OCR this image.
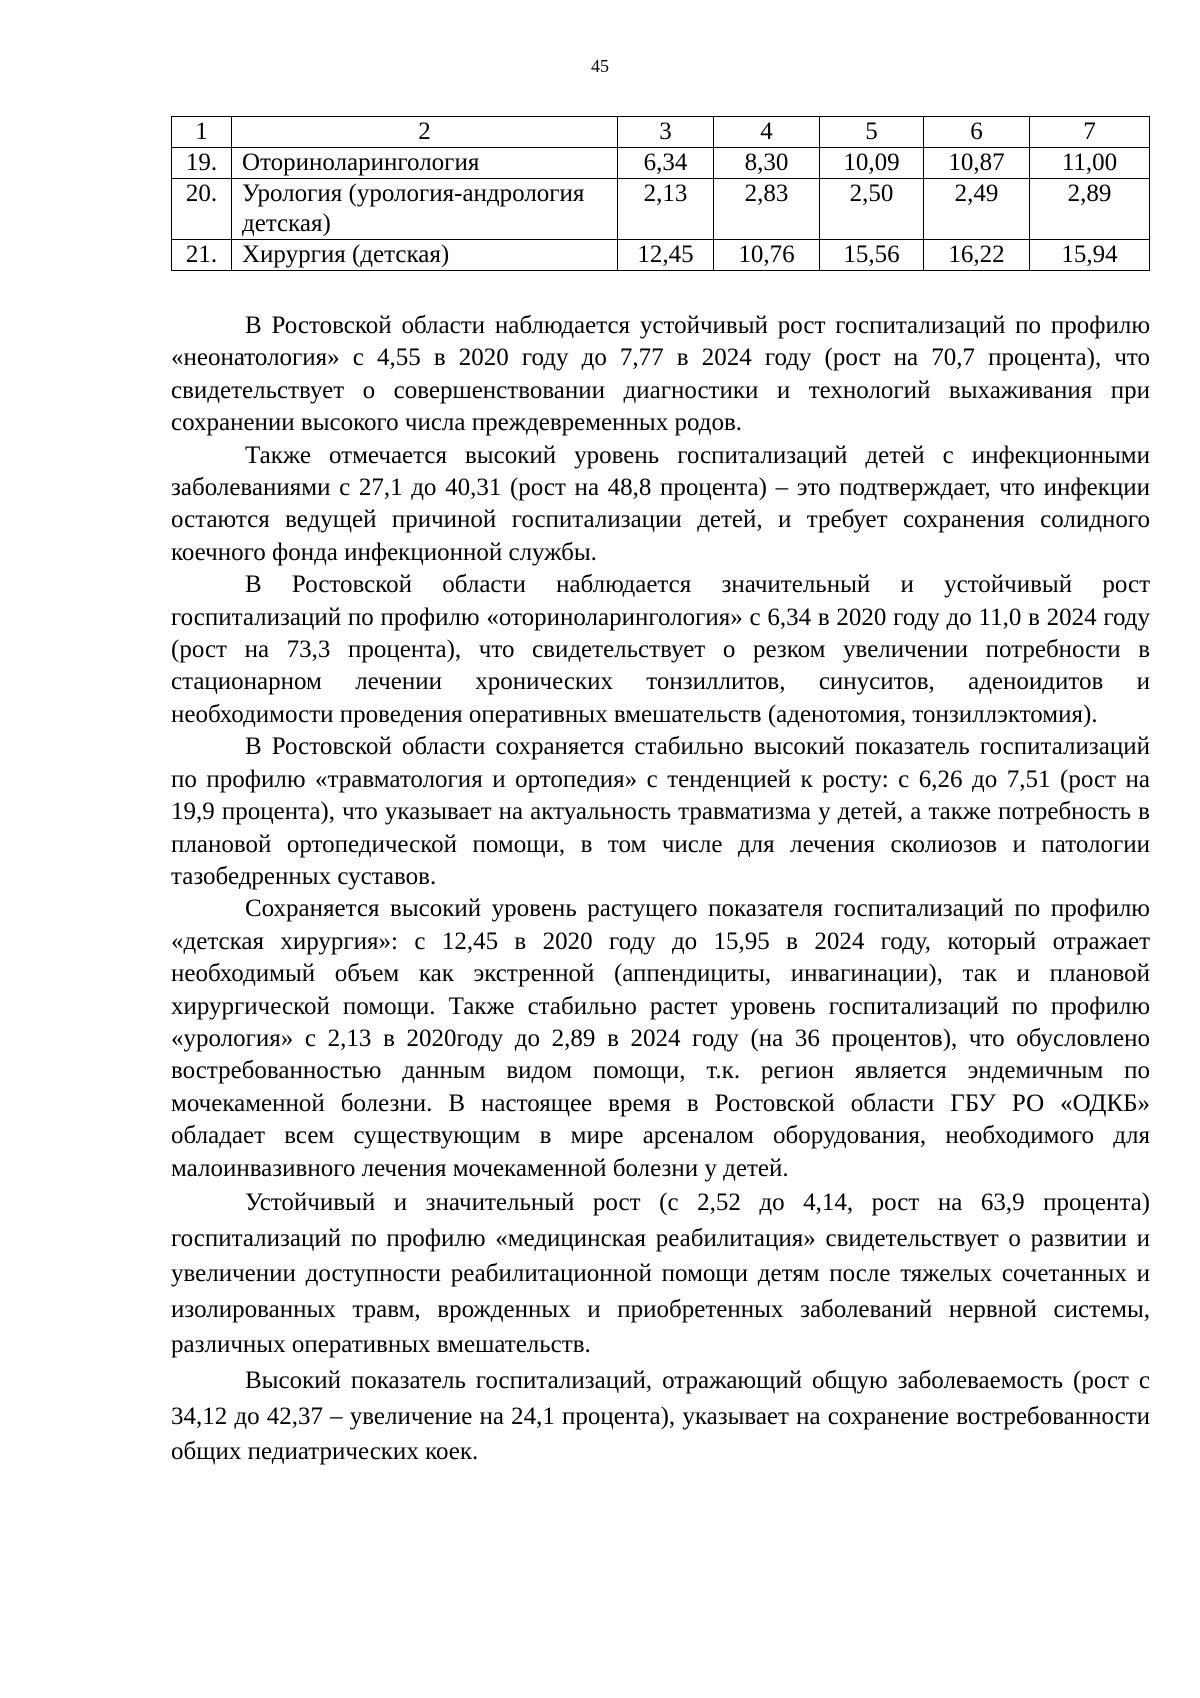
45
1	2	3	4	5	6	7
19.	Оториноларингология	6,34	8,30	10,09	10,87	11,00
20.	Урология (урология-андрология детская)	2,13	2,83	2,50	2,49	2,89
21.	Хирургия (детская)	12,45	10,76	15,56	16,22	15,94

В Ростовской области наблюдается устойчивый рост госпитализаций по профилю «неонатология» с 4,55 в 2020 году до 7,77 в 2024 году (рост на 70,7 процента), что свидетельствует о совершенствовании диагностики и технологий выхаживания при сохранении высокого числа преждевременных родов.

Также отмечается высокий уровень госпитализаций детей с инфекционными заболеваниями с 27,1 до 40,31 (рост на 48,8 процента) – это подтверждает, что инфекции остаются ведущей причиной госпитализации детей, и требует сохранения солидного коечного фонда инфекционной службы.

В Ростовской области наблюдается значительный и устойчивый рост госпитализаций по профилю «оториноларингология» с 6,34 в 2020 году до 11,0 в 2024 году (рост на 73,3 процента), что свидетельствует о резком увеличении потребности в стационарном лечении хронических тонзиллитов, синуситов, аденоидитов и необходимости проведения оперативных вмешательств (аденотомия, тонзиллэктомия).

В Ростовской области сохраняется стабильно высокий показатель госпитализаций по профилю «травматология и ортопедия» с тенденцией к росту: с 6,26 до 7,51 (рост на 19,9 процента), что указывает на актуальность травматизма у детей, а также потребность в плановой ортопедической помощи, в том числе для лечения сколиозов и патологии тазобедренных суставов.

Сохраняется высокий уровень растущего показателя госпитализаций по профилю «детская хирургия»: с 12,45 в 2020 году до 15,95 в 2024 году, который отражает необходимый объем как экстренной (аппендициты, инвагинации), так и плановой хирургической помощи. Также стабильно растет уровень госпитализаций по профилю «урология» с 2,13 в 2020году до 2,89 в 2024 году (на 36 процентов), что обусловлено востребованностью данным видом помощи, т.к. регион является эндемичным по мочекаменной болезни. В настоящее время в Ростовской области ГБУ РО «ОДКБ» обладает всем существующим в мире арсеналом оборудования, необходимого для малоинвазивного лечения мочекаменной болезни у детей.

Устойчивый и значительный рост (с 2,52 до 4,14, рост на 63,9 процента) госпитализаций по профилю «медицинская реабилитация» свидетельствует о развитии и увеличении доступности реабилитационной помощи детям после тяжелых сочетанных и изолированных травм, врожденных и приобретенных заболеваний нервной системы, различных оперативных вмешательств.

Высокий показатель госпитализаций, отражающий общую заболеваемость (рост с 34,12 до 42,37 – увеличение на 24,1 процента), указывает на сохранение востребованности общих педиатрических коек.
